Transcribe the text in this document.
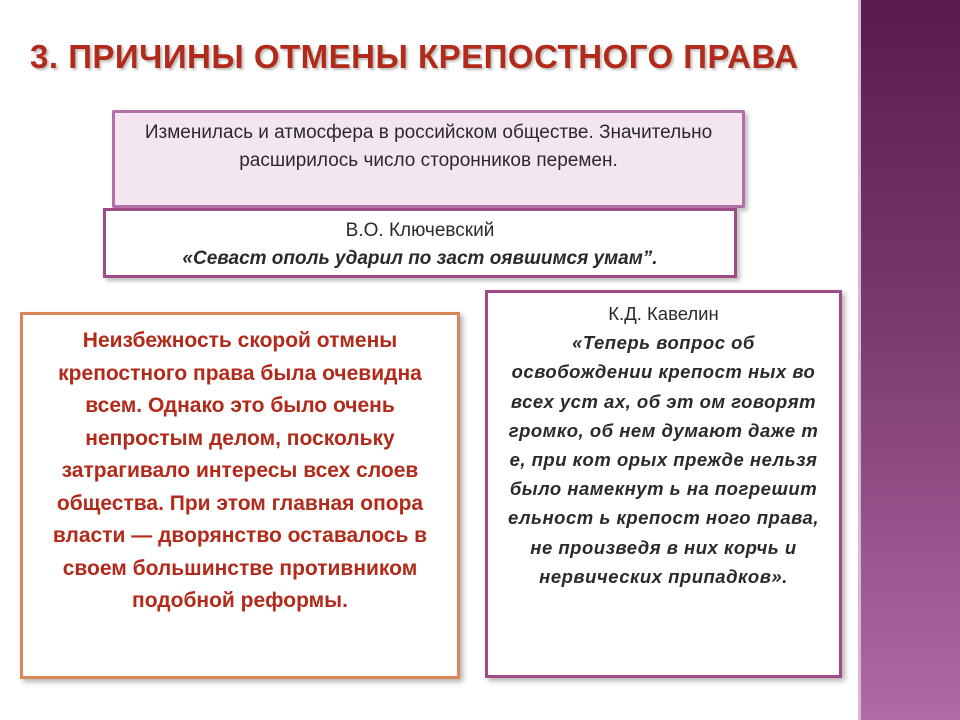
3. ПРИЧИНЫ ОТМЕНЫ КРЕПОСТНОГО ПРАВА
Изменилась и атмосфера в российском обществе. Значительно расширилось число сторонников перемен.
В.О. Ключевский
«Севаст ополь ударил по заст оявшимся умам”.
Неизбежность скорой отмены крепостного права была очевидна всем. Однако это было очень непростым делом, поскольку затрагивало интересы всех слоев общества. При этом главная опора власти — дворянство оставалось в своем большинстве противником подобной реформы.
К.Д. Кавелин
«Теперь вопрос об освобождении крепост ных во всех уст ах, об эт ом говорят громко, об нем думают даже т е, при кот орых прежде нельзя было намекнут ь на погрешит ельност ь крепост ного права, не произведя в них корчь и нервических припадков».
